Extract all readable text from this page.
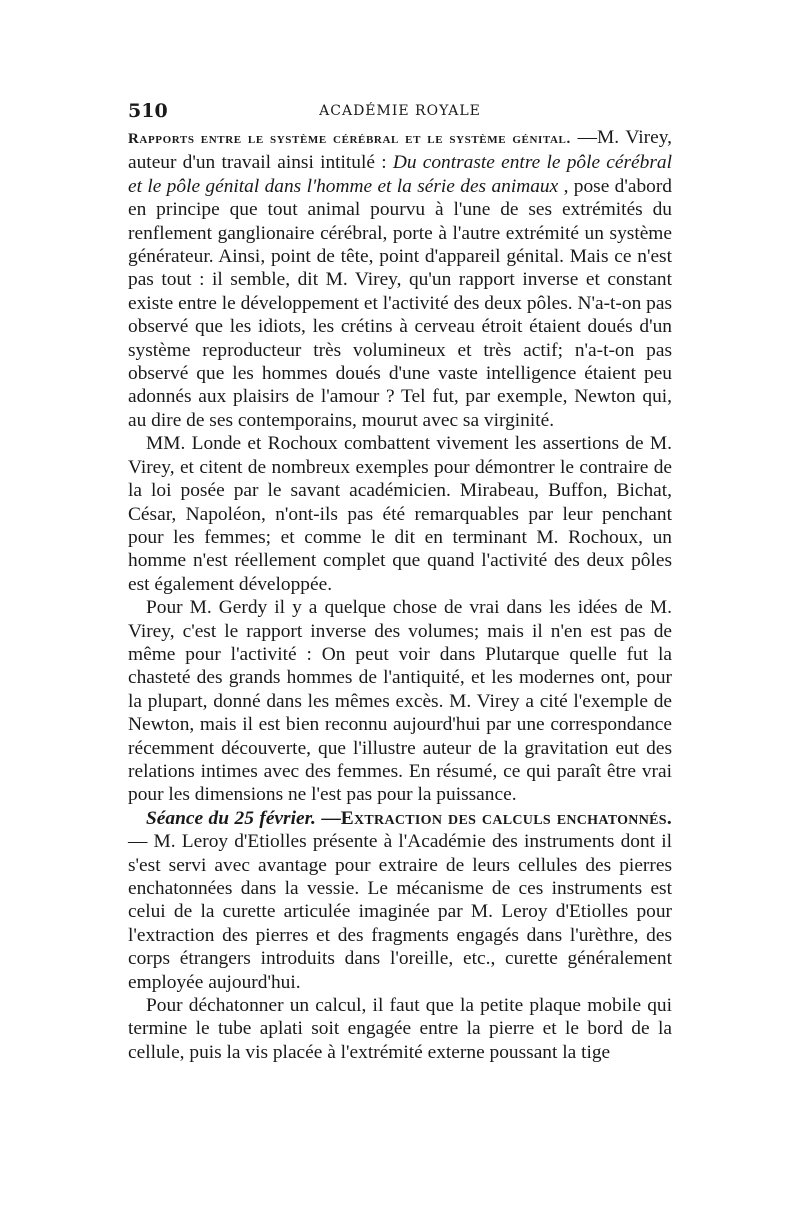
510	ACADÉMIE ROYALE

Rapports entre le système cérébral et le système génital. —M. Virey, auteur d'un travail ainsi intitulé : Du contraste entre le pôle cérébral et le pôle génital dans l'homme et la série des animaux , pose d'abord en principe que tout animal pourvu à l'une de ses extrémités du renflement ganglionaire cérébral, porte à l'autre extrémité un système générateur. Ainsi, point de tête, point d'appareil génital. Mais ce n'est pas tout : il semble, dit M. Virey, qu'un rapport inverse et constant existe entre le développement et l'activité des deux pôles. N'a-t-on pas observé que les idiots, les crétins à cerveau étroit étaient doués d'un système reproducteur très volumineux et très actif; n'a-t-on pas observé que les hommes doués d'une vaste intelligence étaient peu adonnés aux plaisirs de l'amour ? Tel fut, par exemple, Newton qui, au dire de ses contemporains, mourut avec sa virginité.

MM. Londe et Rochoux combattent vivement les assertions de M. Virey, et citent de nombreux exemples pour démontrer le contraire de la loi posée par le savant académicien. Mirabeau, Buffon, Bichat, César, Napoléon, n'ont-ils pas été remarquables par leur penchant pour les femmes; et comme le dit en terminant M. Rochoux, un homme n'est réellement complet que quand l'activité des deux pôles est également développée.

Pour M. Gerdy il y a quelque chose de vrai dans les idées de M. Virey, c'est le rapport inverse des volumes; mais il n'en est pas de même pour l'activité : On peut voir dans Plutarque quelle fut la chasteté des grands hommes de l'antiquité, et les modernes ont, pour la plupart, donné dans les mêmes excès. M. Virey a cité l'exemple de Newton, mais il est bien reconnu aujourd'hui par une correspondance récemment découverte, que l'illustre auteur de la gravitation eut des relations intimes avec des femmes. En résumé, ce qui paraît être vrai pour les dimensions ne l'est pas pour la puissance.

Séance du 25 février. —Extraction des calculs enchatonnés. — M. Leroy d'Etiolles présente à l'Académie des instruments dont il s'est servi avec avantage pour extraire de leurs cellules des pierres enchatonnées dans la vessie. Le mécanisme de ces instruments est celui de la curette articulée imaginée par M. Leroy d'Etiolles pour l'extraction des pierres et des fragments engagés dans l'urèthre, des corps étrangers introduits dans l'oreille, etc., curette généralement employée aujourd'hui.

Pour déchatonner un calcul, il faut que la petite plaque mobile qui termine le tube aplati soit engagée entre la pierre et le bord de la cellule, puis la vis placée à l'extrémité externe poussant la tige
